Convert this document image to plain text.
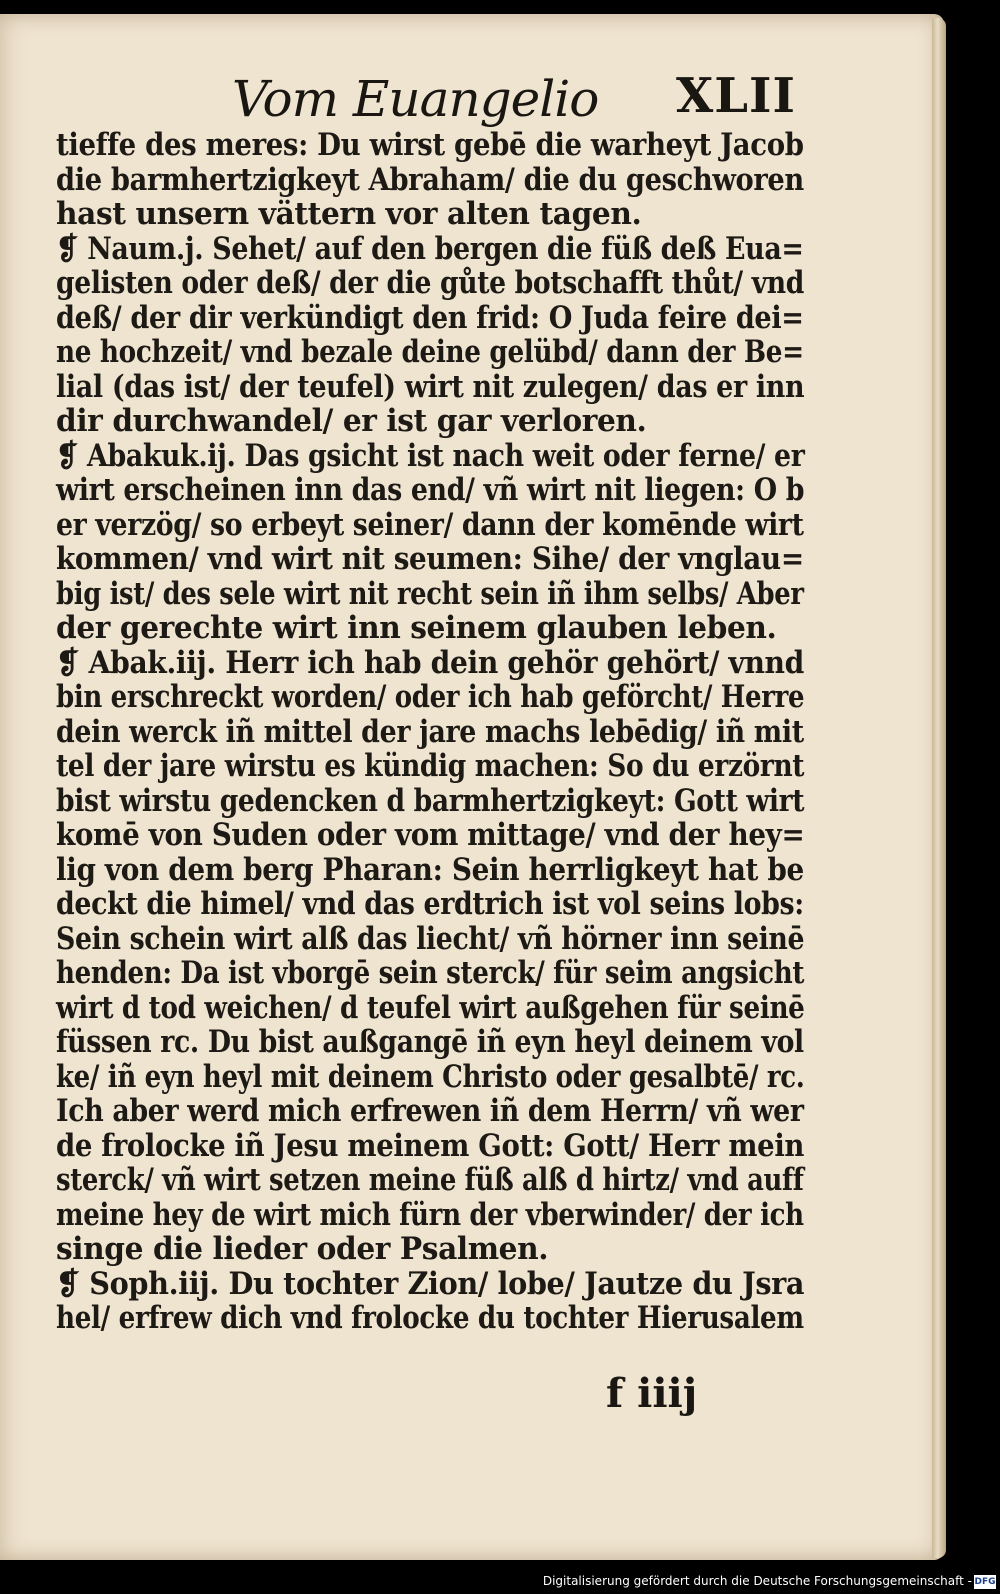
Vom Euangelio XLII
tieffe des meres: Du wirst gebē die warheyt Jacob
die barmhertzigkeyt Abraham/ die du geschworen
hast unsern vättern vor alten tagen.
❡ Naum.j. Sehet/ auf den bergen die füß deß Eua=
gelisten oder deß/ der die gůte botschafft thůt/ vnd
deß/ der dir verkündigt den frid: O Juda feire dei=
ne hochzeit/ vnd bezale deine gelübd/ dann der Be=
lial (das ist/ der teufel) wirt nit zulegen/ das er inn
dir durchwandel/ er ist gar verloren.
❡ Abakuk.ij. Das gsicht ist nach weit oder ferne/ er
wirt erscheinen inn das end/ vñ wirt nit liegen: O b
er verzög/ so erbeyt seiner/ dann der komēnde wirt
kommen/ vnd wirt nit seumen: Sihe/ der vnglau=
big ist/ des sele wirt nit recht sein iñ ihm selbs/ Aber
der gerechte wirt inn seinem glauben leben.
❡ Abak.iij. Herr ich hab dein gehör gehört/ vnnd
bin erschreckt worden/ oder ich hab geförcht/ Herre
dein werck iñ mittel der jare machs lebēdig/ iñ mit
tel der jare wirstu es kündig machen: So du erzörnt
bist wirstu gedencken d barmhertzigkeyt: Gott wirt
komē von Suden oder vom mittage/ vnd der hey=
lig von dem berg Pharan: Sein herrligkeyt hat be
deckt die himel/ vnd das erdtrich ist vol seins lobs:
Sein schein wirt alß das liecht/ vñ hörner inn seinē
henden: Da ist vborgē sein sterck/ für seim angsicht
wirt d tod weichen/ d teufel wirt außgehen für seinē
füssen rc. Du bist außgangē iñ eyn heyl deinem vol
ke/ iñ eyn heyl mit deinem Christo oder gesalbtē/ rc.
Ich aber werd mich erfrewen iñ dem Herrn/ vñ wer
de frolocke iñ Jesu meinem Gott: Gott/ Herr mein
sterck/ vñ wirt setzen meine füß alß d hirtz/ vnd auff
meine hey de wirt mich fürn der vberwinder/ der ich
singe die lieder oder Psalmen.
❡ Soph.iij. Du tochter Zion/ lobe/ Jautze du Jsra
hel/ erfrew dich vnd frolocke du tochter Hierusalem
f iiij
Digitalisierung gefördert durch die Deutsche Forschungsgemeinschaft - DFG
